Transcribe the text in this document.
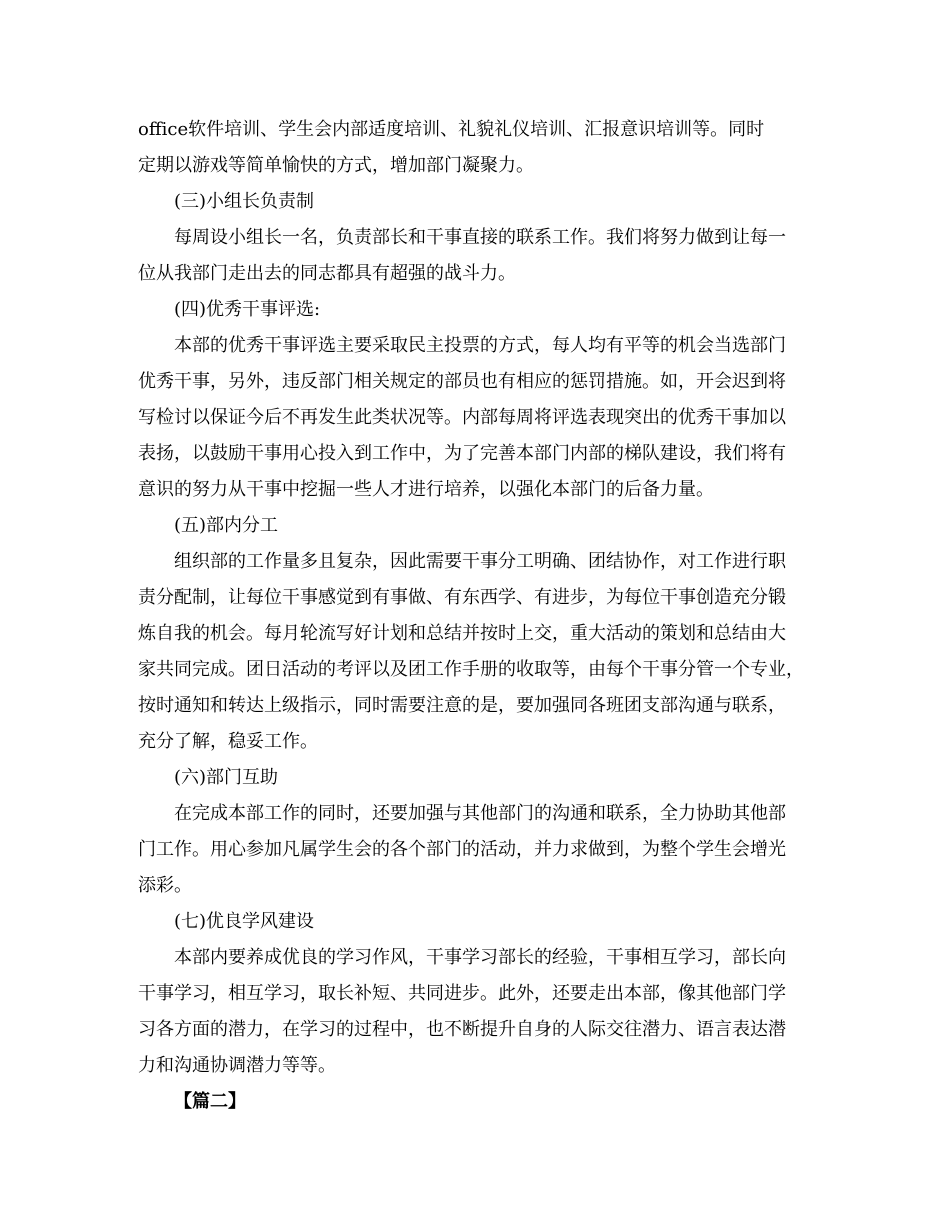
office软件培训、学生会内部适度培训、礼貌礼仪培训、汇报意识培训等。同时
定期以游戏等简单愉快的方式，增加部门凝聚力。
(三)小组长负责制
每周设小组长一名，负责部长和干事直接的联系工作。我们将努力做到让每一
位从我部门走出去的同志都具有超强的战斗力。
(四)优秀干事评选:
本部的优秀干事评选主要采取民主投票的方式，每人均有平等的机会当选部门
优秀干事，另外，违反部门相关规定的部员也有相应的惩罚措施。如，开会迟到将
写检讨以保证今后不再发生此类状况等。内部每周将评选表现突出的优秀干事加以
表扬，以鼓励干事用心投入到工作中，为了完善本部门内部的梯队建设，我们将有
意识的努力从干事中挖掘一些人才进行培养，以强化本部门的后备力量。
(五)部内分工
组织部的工作量多且复杂，因此需要干事分工明确、团结协作，对工作进行职
责分配制，让每位干事感觉到有事做、有东西学、有进步，为每位干事创造充分锻
炼自我的机会。每月轮流写好计划和总结并按时上交，重大活动的策划和总结由大
家共同完成。团日活动的考评以及团工作手册的收取等，由每个干事分管一个专业，
按时通知和转达上级指示，同时需要注意的是，要加强同各班团支部沟通与联系，
充分了解，稳妥工作。
(六)部门互助
在完成本部工作的同时，还要加强与其他部门的沟通和联系，全力协助其他部
门工作。用心参加凡属学生会的各个部门的活动，并力求做到，为整个学生会增光
添彩。
(七)优良学风建设
本部内要养成优良的学习作风，干事学习部长的经验，干事相互学习，部长向
干事学习，相互学习，取长补短、共同进步。此外，还要走出本部，像其他部门学
习各方面的潜力，在学习的过程中，也不断提升自身的人际交往潜力、语言表达潜
力和沟通协调潜力等等。
【篇二】
